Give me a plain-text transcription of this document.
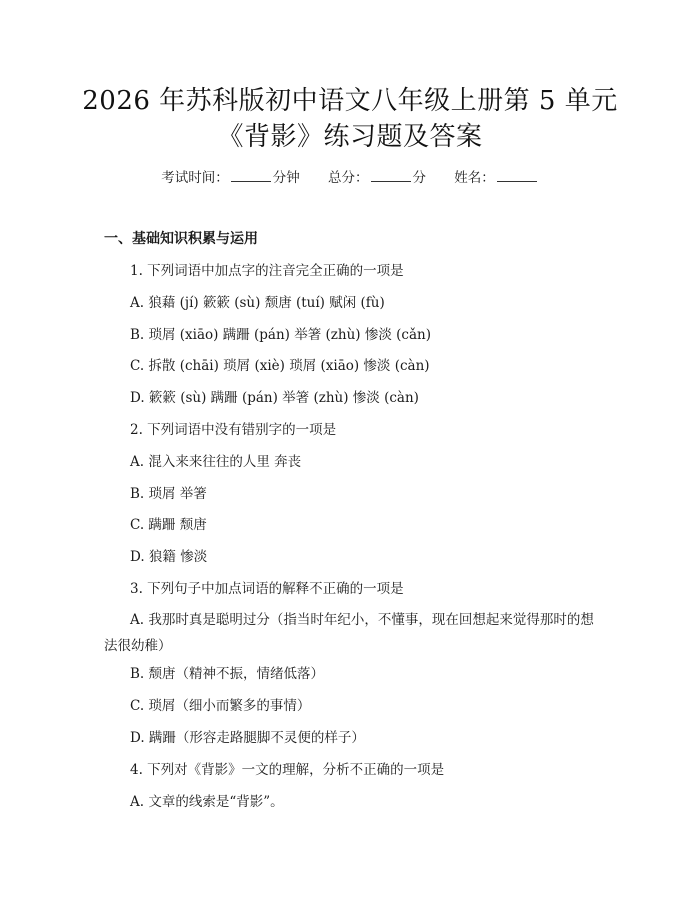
2026 年苏科版初中语文八年级上册第 5 单元
《背影》练习题及答案
考试时间：	分钟 总分：	分 姓名：
一、基础知识积累与运用
1. 下列词语中加点字的注音完全正确的一项是
A. 狼藉 (jí) 簌簌 (sù) 颓唐 (tuí) 赋闲 (fù)
B. 琐屑 (xiāo) 蹒跚 (pán) 举箸 (zhù) 惨淡 (cǎn)
C. 拆散 (chāi) 琐屑 (xiè) 琐屑 (xiāo) 惨淡 (càn)
D. 簌簌 (sù) 蹒跚 (pán) 举箸 (zhù) 惨淡 (càn)
2. 下列词语中没有错别字的一项是
A. 混入来来往往的人里 奔丧
B. 琐屑 举箸
C. 蹒跚 颓唐
D. 狼籍 惨淡
3. 下列句子中加点词语的解释不正确的一项是
A. 我那时真是聪明过分（指当时年纪小，不懂事，现在回想起来觉得那时的想法很幼稚）
B. 颓唐（精神不振，情绪低落）
C. 琐屑（细小而繁多的事情）
D. 蹒跚（形容走路腿脚不灵便的样子）
4. 下列对《背影》一文的理解，分析不正确的一项是
A. 文章的线索是“背影”。
